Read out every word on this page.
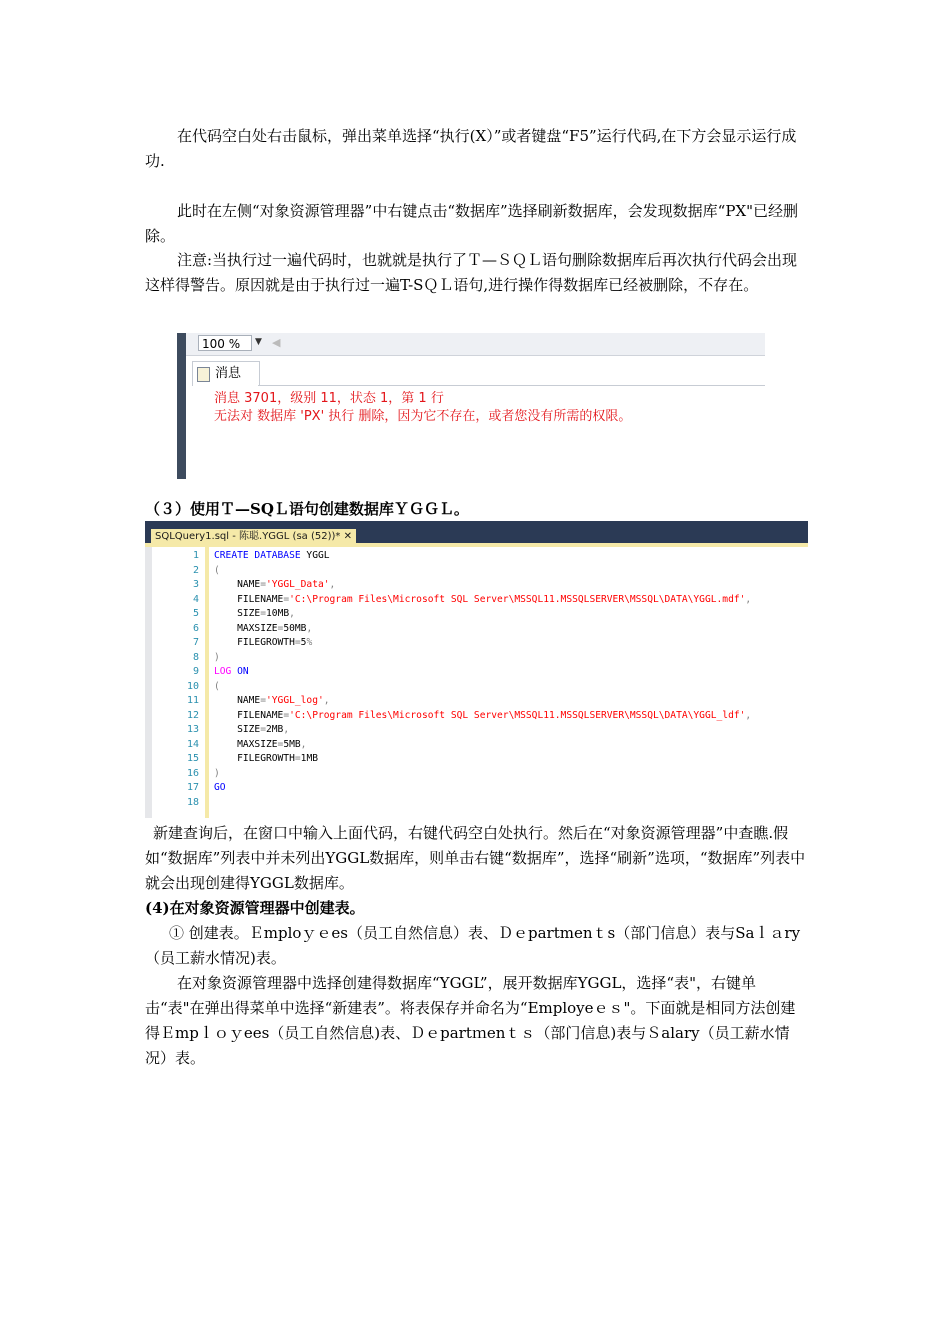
在代码空白处右击鼠标，弹出菜单选择“执行(X）”或者键盘“F5”运行代码,在下方会显示运行成功.

此时在左侧“对象资源管理器”中右键点击“数据库”选择刷新数据库，会发现数据库“PX"已经删除。

注意:当执行过一遍代码时，也就就是执行了Ｔ—ＳＱＬ语句删除数据库后再次执行代码会出现这样得警告。原因就是由于执行过一遍T-SＱＬ语句,进行操作得数据库已经被删除，不存在。

100 %	▼ ◀
消息
消息 3701，级别 11，状态 1，第 1 行
无法对 数据库 'PX' 执行 删除，因为它不存在，或者您没有所需的权限。
（３）使用Ｔ—SQＬ语句创建数据库ＹＧＧＬ。
SQLQuery1.sql - 陈聪.YGGL (sa (52))* ✕
1
2
3
4
5
6
7
8
9
10
11
12
13
14
15
16
17
18
CREATE DATABASE YGGL
(
NAME='YGGL_Data',
FILENAME='C:\Program Files\Microsoft SQL Server\MSSQL11.MSSQLSERVER\MSSQL\DATA\YGGL.mdf',
SIZE=10MB,
MAXSIZE=50MB,
FILEGROWTH=5%
)
LOG ON
(
NAME='YGGL_log',
FILENAME='C:\Program Files\Microsoft SQL Server\MSSQL11.MSSQLSERVER\MSSQL\DATA\YGGL_ldf',
SIZE=2MB,
MAXSIZE=5MB,
FILEGROWTH=1MB
)
GO

新建查询后，在窗口中输入上面代码，右键代码空白处执行。然后在“对象资源管理器”中查瞧.假如“数据库”列表中并未列出YGGL数据库，则单击右键“数据库”，选择“刷新”选项，“数据库”列表中就会出现创建得YGGL数据库。

(4)在对象资源管理器中创建表。

① 创建表。Ｅmploｙｅes（员工自然信息）表、Ｄｅpartmenｔs（部门信息）表与Saｌａry（员工薪水情况)表。

在对象资源管理器中选择创建得数据库“YGGL”，展开数据库YGGL，选择“表"，右键单击“表"在弹出得菜单中选择“新建表”。将表保存并命名为“Employeｅｓ"。下面就是相同方法创建得Ｅmpｌｏｙees（员工自然信息)表、Ｄｅpartｍenｔｓ（部门信息)表与Ｓalary（员工薪水情况）表。
